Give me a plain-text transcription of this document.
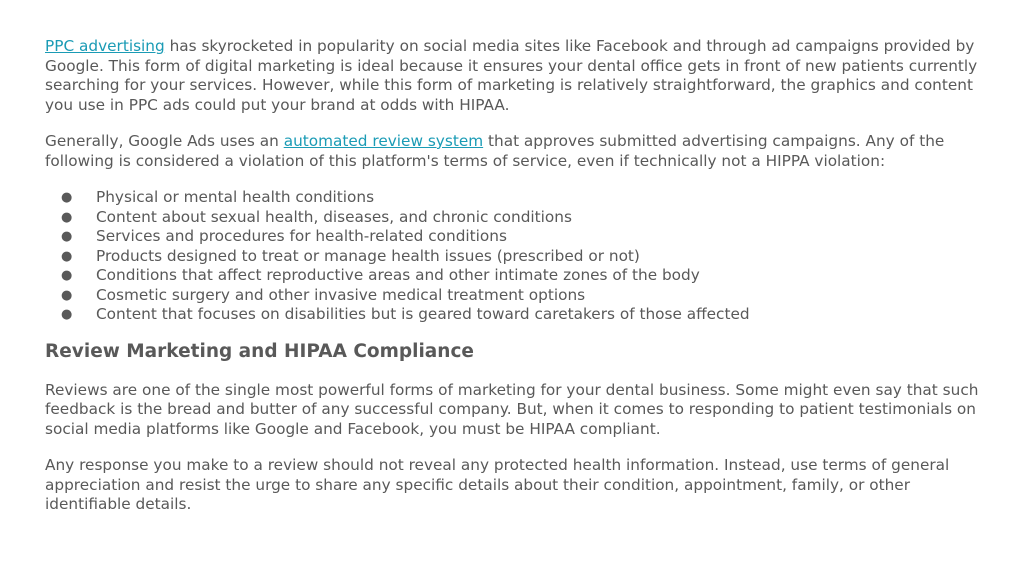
PPC advertising has skyrocketed in popularity on social media sites like Facebook and through ad campaigns provided by Google. This form of digital marketing is ideal because it ensures your dental office gets in front of new patients currently searching for your services. However, while this form of marketing is relatively straightforward, the graphics and content you use in PPC ads could put your brand at odds with HIPAA.

Generally, Google Ads uses an automated review system that approves submitted advertising campaigns. Any of the following is considered a violation of this platform's terms of service, even if technically not a HIPPA violation:

● Physical or mental health conditions
● Content about sexual health, diseases, and chronic conditions
● Services and procedures for health-related conditions
● Products designed to treat or manage health issues (prescribed or not)
● Conditions that affect reproductive areas and other intimate zones of the body
● Cosmetic surgery and other invasive medical treatment options
● Content that focuses on disabilities but is geared toward caretakers of those affected
Review Marketing and HIPAA Compliance

Reviews are one of the single most powerful forms of marketing for your dental business. Some might even say that such feedback is the bread and butter of any successful company. But, when it comes to responding to patient testimonials on social media platforms like Google and Facebook, you must be HIPAA compliant.

Any response you make to a review should not reveal any protected health information. Instead, use terms of general appreciation and resist the urge to share any specific details about their condition, appointment, family, or other identifiable details.
